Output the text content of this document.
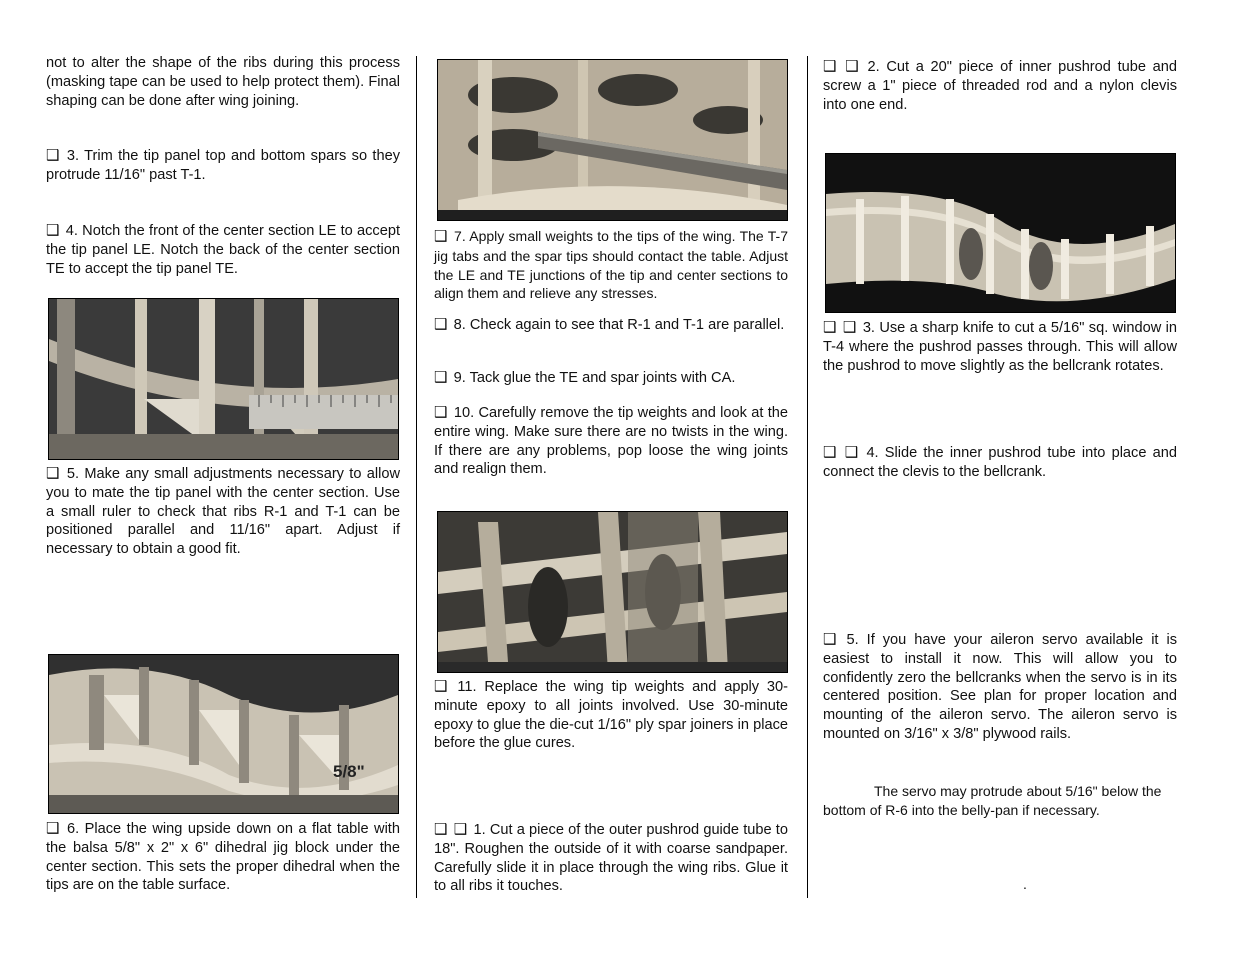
not to alter the shape of the ribs during this process (masking tape can be used to help protect them). Final shaping can be done after wing joining.

❑ 3. Trim the tip panel top and bottom spars so they protrude 11/16" past T-1.

❑ 4. Notch the front of the center section LE to accept the tip panel LE. Notch the back of the center section TE to accept the tip panel TE.

❑ 5. Make any small adjustments necessary to allow you to mate the tip panel with the center section. Use a small ruler to check that ribs R-1 and T-1 can be positioned parallel and 11/16" apart. Adjust if necessary to obtain a good fit.

5/8"

❑ 6. Place the wing upside down on a flat table with the balsa 5/8" x 2" x 6" dihedral jig block under the center section. This sets the proper dihedral when the tips are on the table surface.

❑ 7. Apply small weights to the tips of the wing. The T-7 jig tabs and the spar tips should contact the table. Adjust the LE and TE junctions of the tip and center sections to align them and relieve any stresses.

❑ 8. Check again to see that R-1 and T-1 are parallel.

❑ 9. Tack glue the TE and spar joints with CA.

❑ 10. Carefully remove the tip weights and look at the entire wing. Make sure there are no twists in the wing. If there are any problems, pop loose the wing joints and realign them.

❑ 11. Replace the wing tip weights and apply 30-minute epoxy to all joints involved. Use 30-minute epoxy to glue the die-cut 1/16" ply spar joiners in place before the glue cures.

❑ ❑ 1. Cut a piece of the outer pushrod guide tube to 18". Roughen the outside of it with coarse sandpaper. Carefully slide it in place through the wing ribs. Glue it to all ribs it touches.

❑ ❑ 2. Cut a 20" piece of inner pushrod tube and screw a 1" piece of threaded rod and a nylon clevis into one end.

❑ ❑ 3. Use a sharp knife to cut a 5/16" sq. window in T-4 where the pushrod passes through. This will allow the pushrod to move slightly as the bellcrank rotates.

❑ ❑ 4. Slide the inner pushrod tube into place and connect the clevis to the bellcrank.

❑ 5. If you have your aileron servo available it is easiest to install it now. This will allow you to confidently zero the bellcranks when the servo is in its centered position. See plan for proper location and mounting of the aileron servo. The aileron servo is mounted on 3/16" x 3/8" plywood rails.

The servo may protrude about 5/16" below the bottom of R-6 into the belly-pan if necessary.

.
